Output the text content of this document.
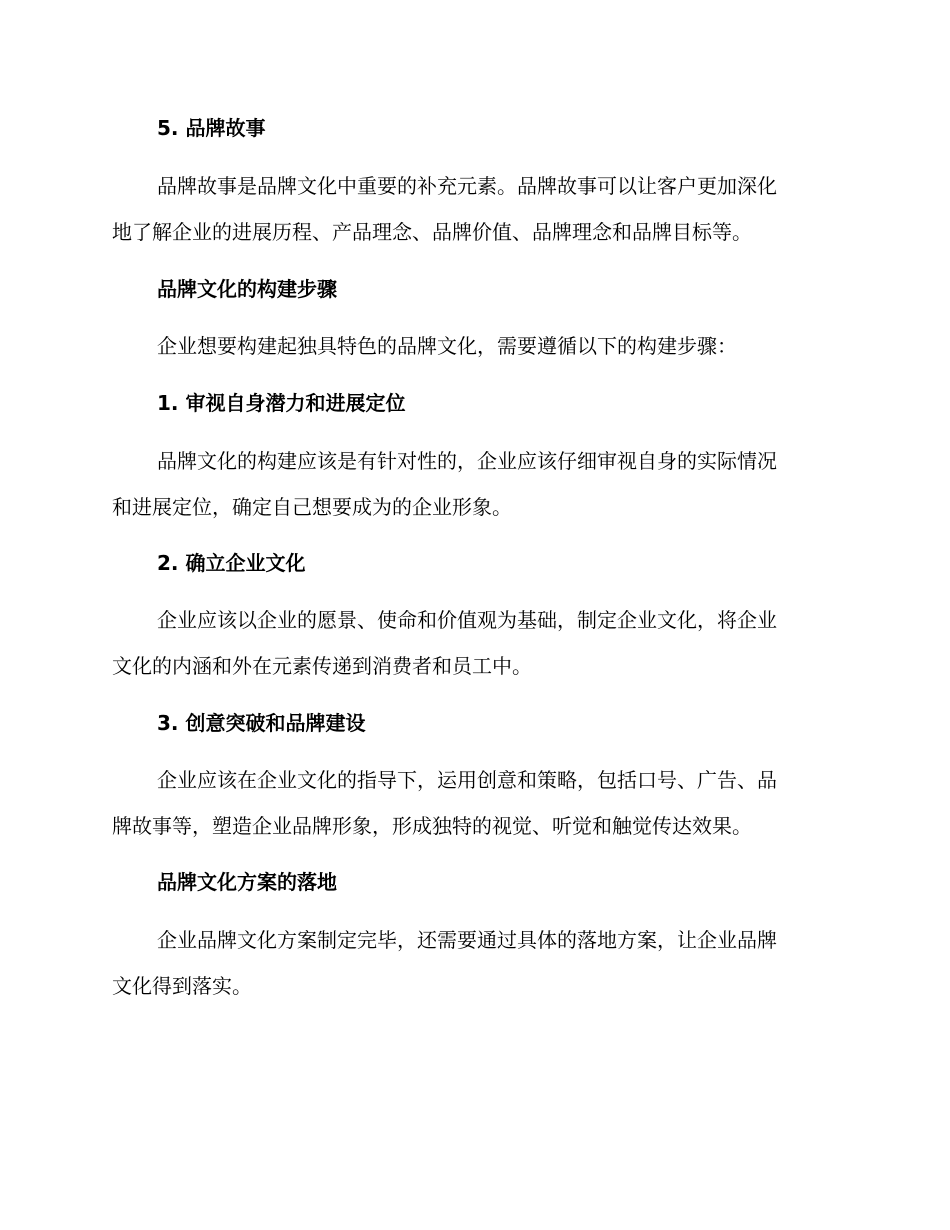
5. 品牌故事
品牌故事是品牌文化中重要的补充元素。品牌故事可以让客户更加深化
地了解企业的进展历程、产品理念、品牌价值、品牌理念和品牌目标等。
品牌文化的构建步骤
企业想要构建起独具特色的品牌文化，需要遵循以下的构建步骤：
1. 审视自身潜力和进展定位
品牌文化的构建应该是有针对性的，企业应该仔细审视自身的实际情况
和进展定位，确定自己想要成为的企业形象。
2. 确立企业文化
企业应该以企业的愿景、使命和价值观为基础，制定企业文化，将企业
文化的内涵和外在元素传递到消费者和员工中。
3. 创意突破和品牌建设
企业应该在企业文化的指导下，运用创意和策略，包括口号、广告、品
牌故事等，塑造企业品牌形象，形成独特的视觉、听觉和触觉传达效果。
品牌文化方案的落地
企业品牌文化方案制定完毕，还需要通过具体的落地方案，让企业品牌
文化得到落实。
